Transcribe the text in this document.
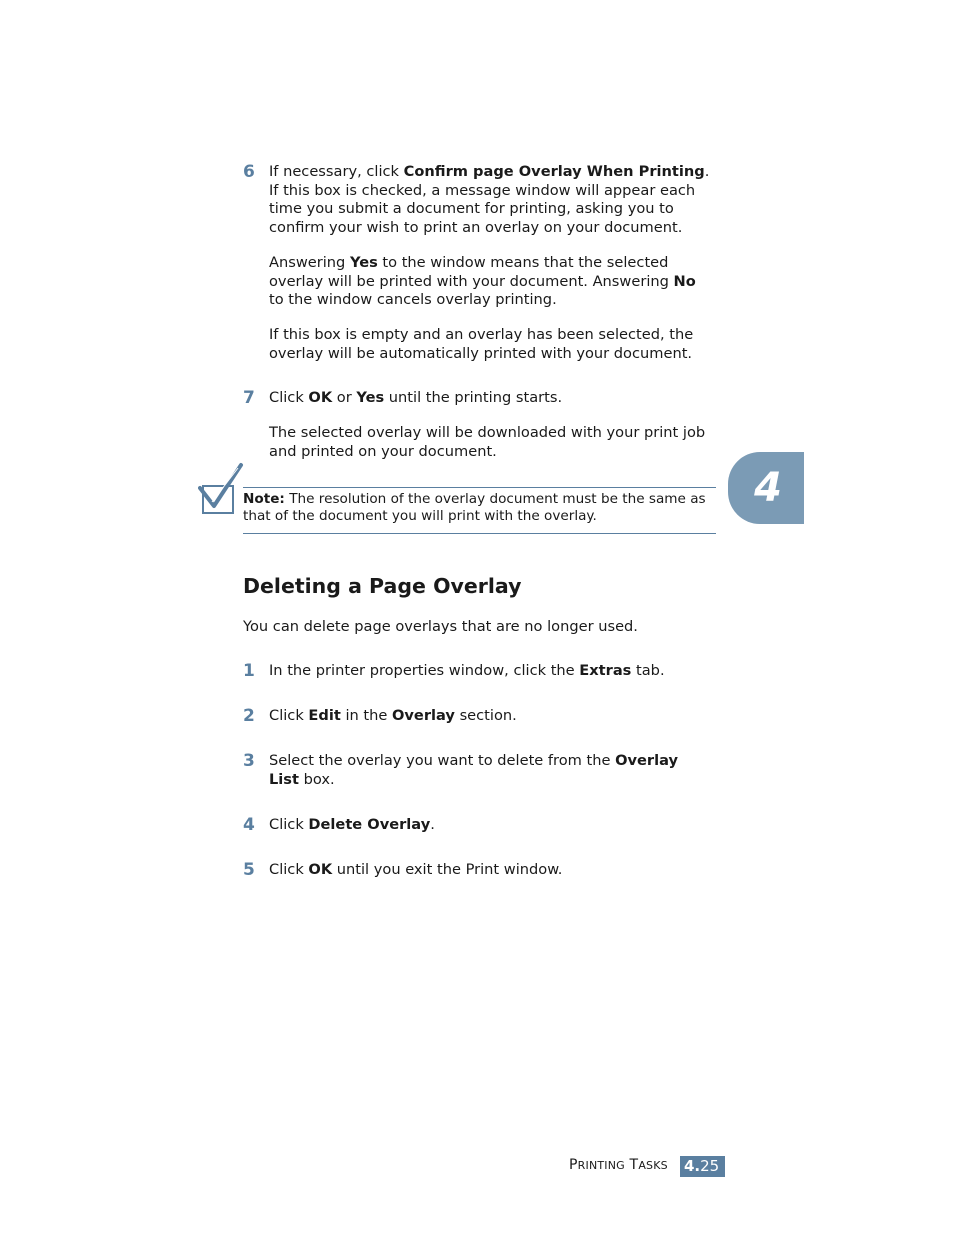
6 If necessary, click Confirm page Overlay When Printing. If this box is checked, a message window will appear each time you submit a document for printing, asking you to confirm your wish to print an overlay on your document.

Answering Yes to the window means that the selected overlay will be printed with your document. Answering No to the window cancels overlay printing.

If this box is empty and an overlay has been selected, the overlay will be automatically printed with your document.

7 Click OK or Yes until the printing starts.

The selected overlay will be downloaded with your print job and printed on your document.

4

Note: The resolution of the overlay document must be the same as that of the document you will print with the overlay.

Deleting a Page Overlay

You can delete page overlays that are no longer used.

1 In the printer properties window, click the Extras tab.

2 Click Edit in the Overlay section.

3 Select the overlay you want to delete from the Overlay List box.

4 Click Delete Overlay.

5 Click OK until you exit the Print window.

PRINTING TASKS 4.25
